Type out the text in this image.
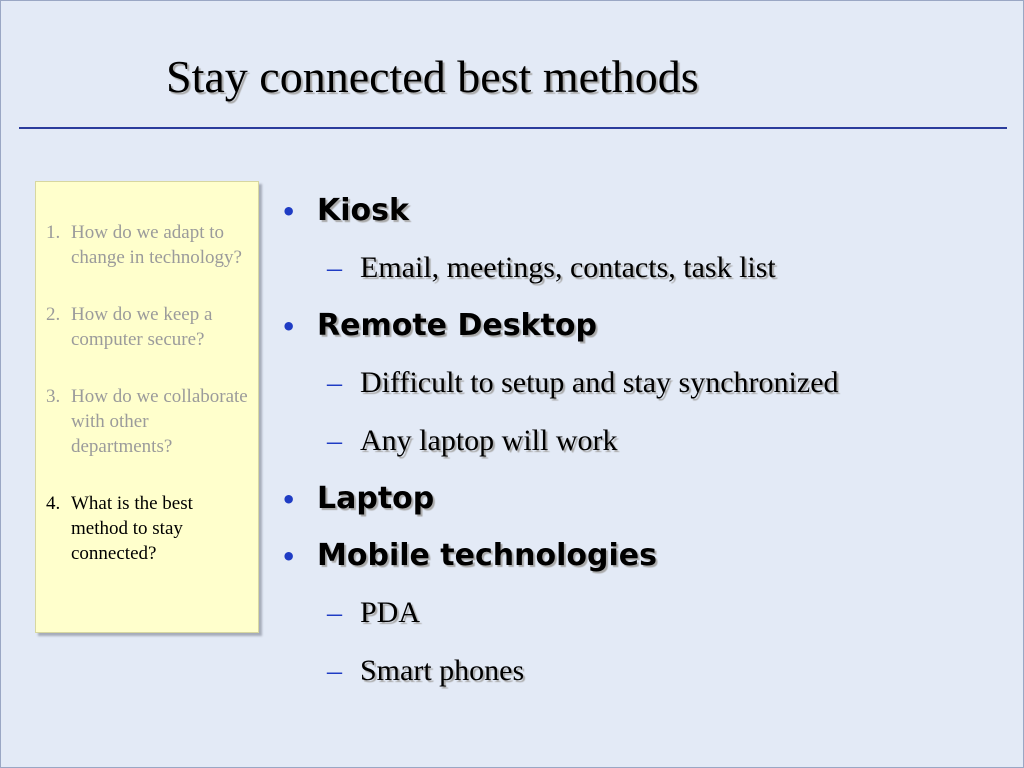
Stay connected best methods
1. How do we adapt to change in technology?
2. How do we keep a computer secure?
3. How do we collaborate with other departments?
4. What is the best method to stay connected?
• Kiosk
– Email, meetings, contacts, task list
• Remote Desktop
– Difficult to setup and stay synchronized
– Any laptop will work
• Laptop
• Mobile technologies
– PDA
– Smart phones
